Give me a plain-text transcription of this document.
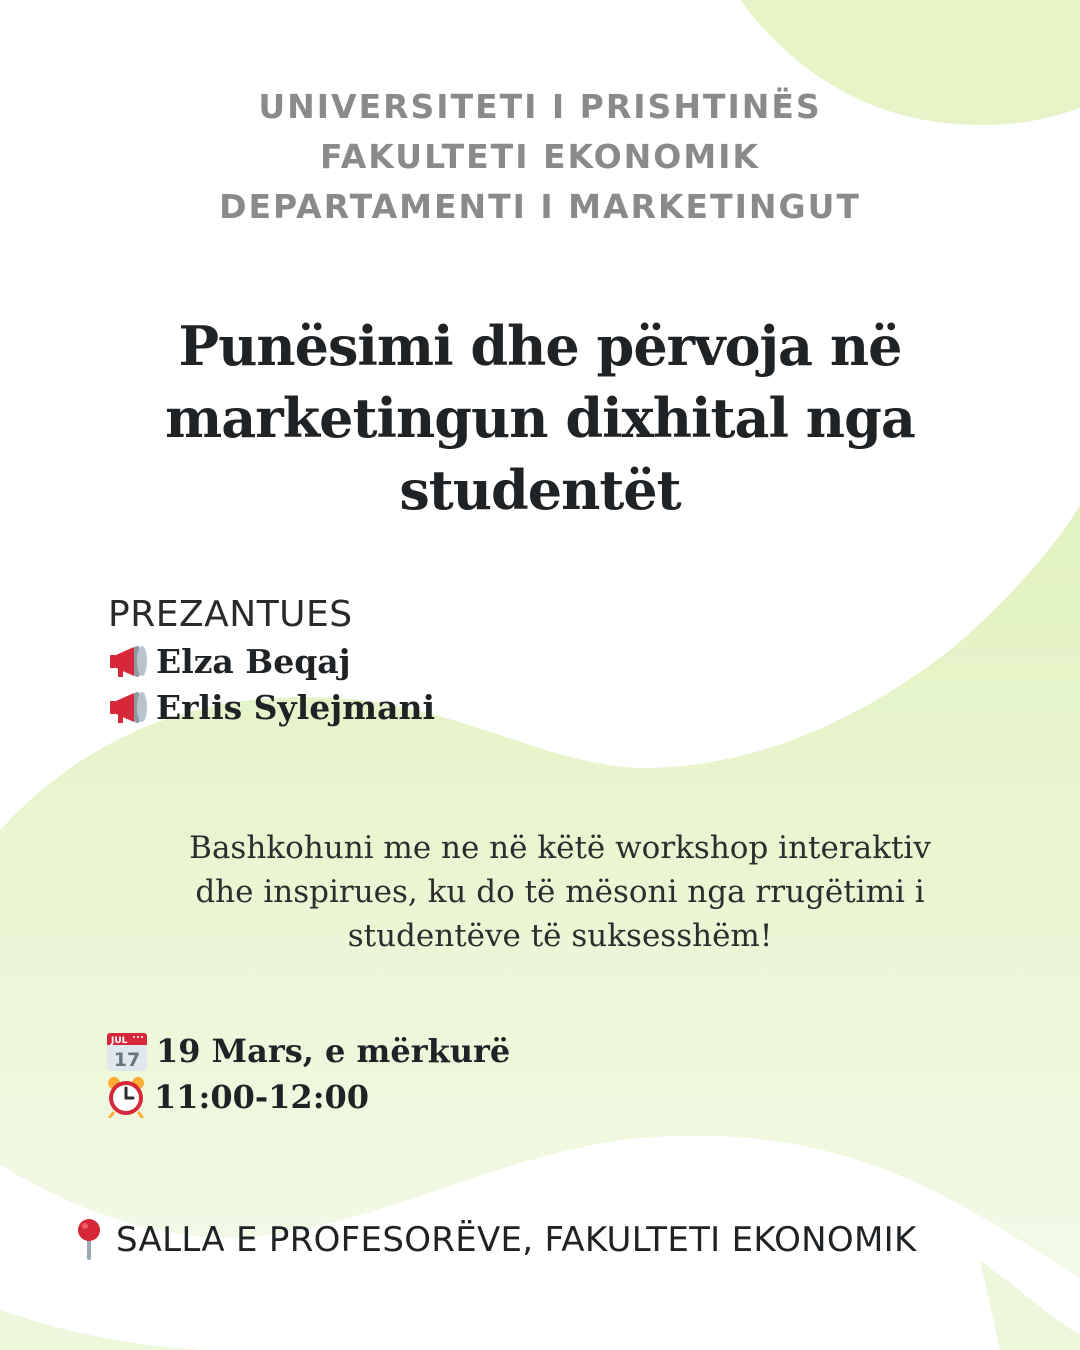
UNIVERSITETI I PRISHTINËS
FAKULTETI EKONOMIK
DEPARTAMENTI I MARKETINGUT
Punësimi dhe përvoja në
marketingun dixhital nga
studentët
PREZANTUES
Elza Beqaj
Erlis Sylejmani
Bashkohuni me ne në këtë workshop interaktiv
dhe inspirues, ku do të mësoni nga rrugëtimi i
studentëve të suksesshëm!
JUL
17 19 Mars, e mërkurë
11:00-12:00
SALLA E PROFESORËVE, FAKULTETI EKONOMIK
